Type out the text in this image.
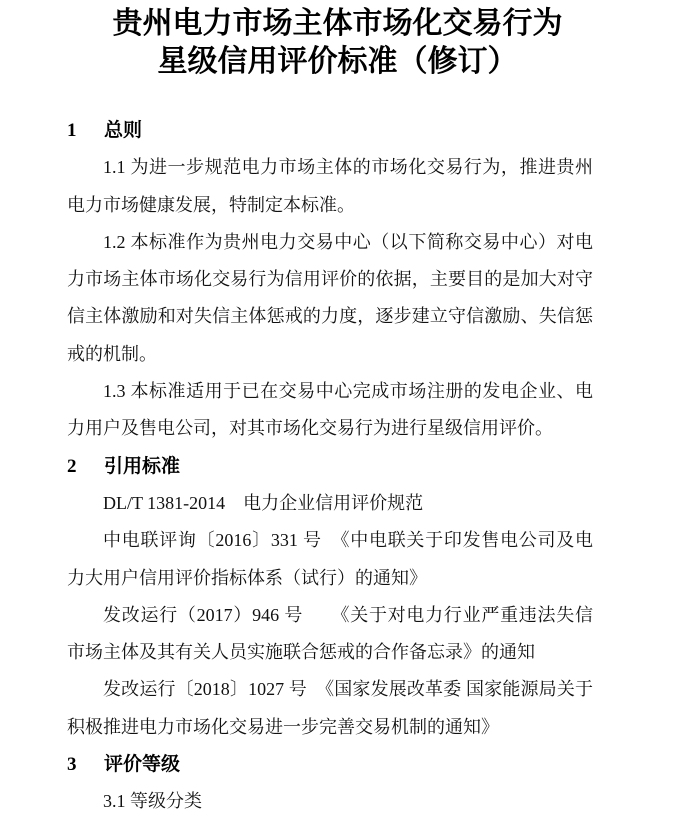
贵州电力市场主体市场化交易行为
星级信用评价标准（修订）
1 总则

1.1 为进一步规范电力市场主体的市场化交易行为，推进贵州电力市场健康发展，特制定本标准。

1.2 本标准作为贵州电力交易中心（以下简称交易中心）对电力市场主体市场化交易行为信用评价的依据，主要目的是加大对守信主体激励和对失信主体惩戒的力度，逐步建立守信激励、失信惩戒的机制。

1.3 本标准适用于已在交易中心完成市场注册的发电企业、电力用户及售电公司，对其市场化交易行为进行星级信用评价。

2 引用标准

DL/T 1381-2014　电力企业信用评价规范

中电联评询〔2016〕331 号　《中电联关于印发售电公司及电力大用户信用评价指标体系（试行）的通知》

发改运行（2017）946 号　　《关于对电力行业严重违法失信市场主体及其有关人员实施联合惩戒的合作备忘录》的通知

发改运行〔2018〕1027 号　《国家发展改革委 国家能源局关于积极推进电力市场化交易进一步完善交易机制的通知》

3 评价等级

3.1 等级分类
